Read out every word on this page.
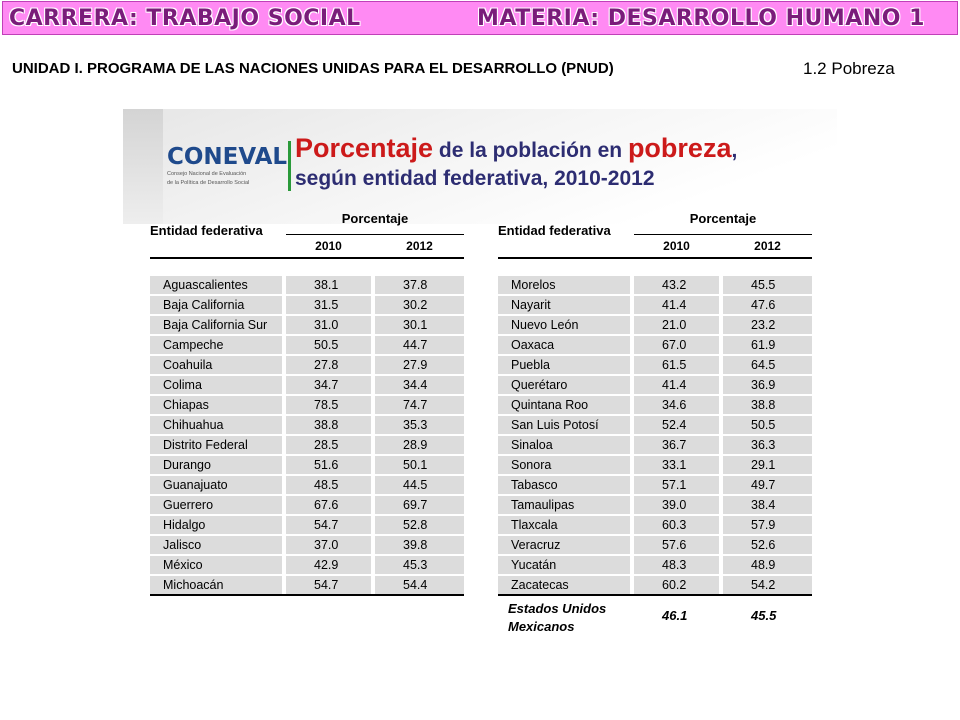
CARRERA: TRABAJO SOCIAL	MATERIA: DESARROLLO HUMANO 1
UNIDAD I. PROGRAMA DE LAS NACIONES UNIDAS PARA EL DESARROLLO (PNUD)	1.2 Pobreza
CONEVAL
Consejo Nacional de Evaluación
de la Política de Desarrollo Social
Porcentaje de la población en pobreza,
según entidad federativa, 2010-2012
Entidad federativa		Porcentaje		
		2010		2012

Aguascalientes		38.1		37.8
Baja California		31.5		30.2
Baja California Sur		31.0		30.1
Campeche		50.5		44.7
Coahuila		27.8		27.9
Colima		34.7		34.4
Chiapas		78.5		74.7
Chihuahua		38.8		35.3
Distrito Federal		28.5		28.9
Durango		51.6		50.1
Guanajuato		48.5		44.5
Guerrero		67.6		69.7
Hidalgo		54.7		52.8
Jalisco		37.0		39.8
México		42.9		45.3
Michoacán		54.7		54.4
Entidad federativa		Porcentaje		
		2010		2012

Morelos		43.2		45.5
Nayarit		41.4		47.6
Nuevo León		21.0		23.2
Oaxaca		67.0		61.9
Puebla		61.5		64.5
Querétaro		41.4		36.9
Quintana Roo		34.6		38.8
San Luis Potosí		52.4		50.5
Sinaloa		36.7		36.3
Sonora		33.1		29.1
Tabasco		57.1		49.7
Tamaulipas		39.0		38.4
Tlaxcala		60.3		57.9
Veracruz		57.6		52.6
Yucatán		48.3		48.9
Zacatecas		60.2		54.2
Estados Unidos
Mexicanos		46.1		45.5
